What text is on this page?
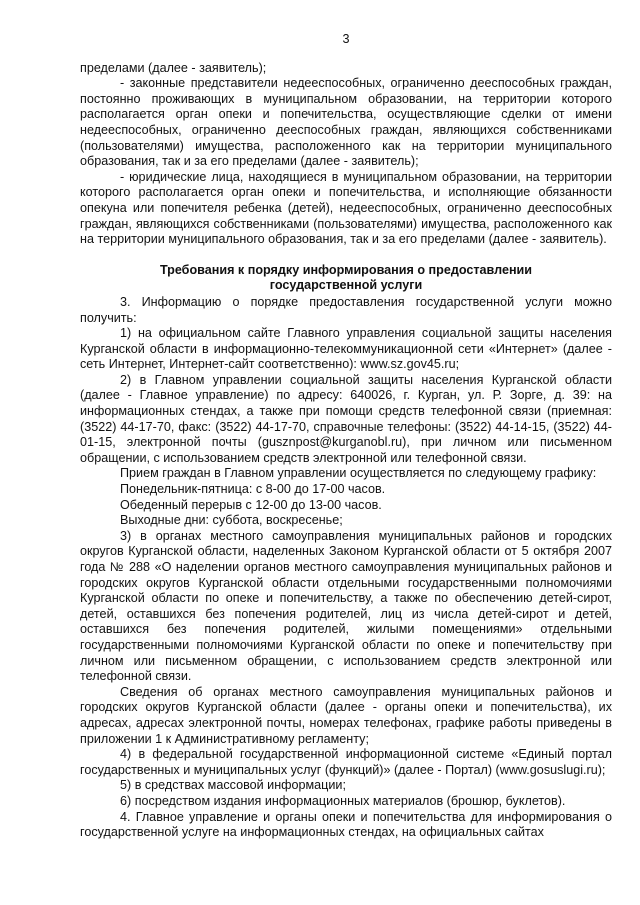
3

пределами (далее - заявитель);

- законные представители недееспособных, ограниченно дееспособных граждан, постоянно проживающих в муниципальном образовании, на территории которого располагается орган опеки и попечительства, осуществляющие сделки от имени недееспособных, ограниченно дееспособных граждан, являющихся собственниками (пользователями) имущества, расположенного как на территории муниципального образования, так и за его пределами (далее - заявитель);

- юридические лица, находящиеся в муниципальном образовании, на территории которого располагается орган опеки и попечительства, и исполняющие обязанности опекуна или попечителя ребенка (детей), недееспособных, ограниченно дееспособных граждан, являющихся собственниками (пользователями) имущества, расположенного как на территории муниципального образования, так и за его пределами (далее - заявитель).

Требования к порядку информирования о предоставлении государственной услуги

3. Информацию о порядке предоставления государственной услуги можно получить:

1) на официальном сайте Главного управления социальной защиты населения Курганской области в информационно-телекоммуникационной сети «Интернет» (далее - сеть Интернет, Интернет-сайт соответственно): www.sz.gov45.ru;

2) в Главном управлении социальной защиты населения Курганской области (далее - Главное управление) по адресу: 640026, г. Курган, ул. Р. Зорге, д. 39: на информационных стендах, а также при помощи средств телефонной связи (приемная: (3522) 44-17-70, факс: (3522) 44-17-70, справочные телефоны: (3522) 44-14-15, (3522) 44-01-15, электронной почты (gusznpost@kurganobl.ru), при личном или письменном обращении, с использованием средств электронной или телефонной связи.

Прием граждан в Главном управлении осуществляется по следующему графику:

Понедельник-пятница: с 8-00 до 17-00 часов.

Обеденный перерыв с 12-00 до 13-00 часов.

Выходные дни: суббота, воскресенье;

3) в органах местного самоуправления муниципальных районов и городских округов Курганской области, наделенных Законом Курганской области от 5 октября 2007 года № 288 «О наделении органов местного самоуправления муниципальных районов и городских округов Курганской области отдельными государственными полномочиями Курганской области по опеке и попечительству, а также по обеспечению детей-сирот, детей, оставшихся без попечения родителей, лиц из числа детей-сирот и детей, оставшихся без попечения родителей, жилыми помещениями» отдельными государственными полномочиями Курганской области по опеке и попечительству при личном или письменном обращении, с использованием средств электронной или телефонной связи.

Сведения об органах местного самоуправления муниципальных районов и городских округов Курганской области (далее - органы опеки и попечительства), их адресах, адресах электронной почты, номерах телефонах, графике работы приведены в приложении 1 к Административному регламенту;

4) в федеральной государственной информационной системе «Единый портал государственных и муниципальных услуг (функций)» (далее - Портал) (www.gosuslugi.ru);

5) в средствах массовой информации;

6) посредством издания информационных материалов (брошюр, буклетов).

4. Главное управление и органы опеки и попечительства для информирования о государственной услуге на информационных стендах, на официальных сайтах
